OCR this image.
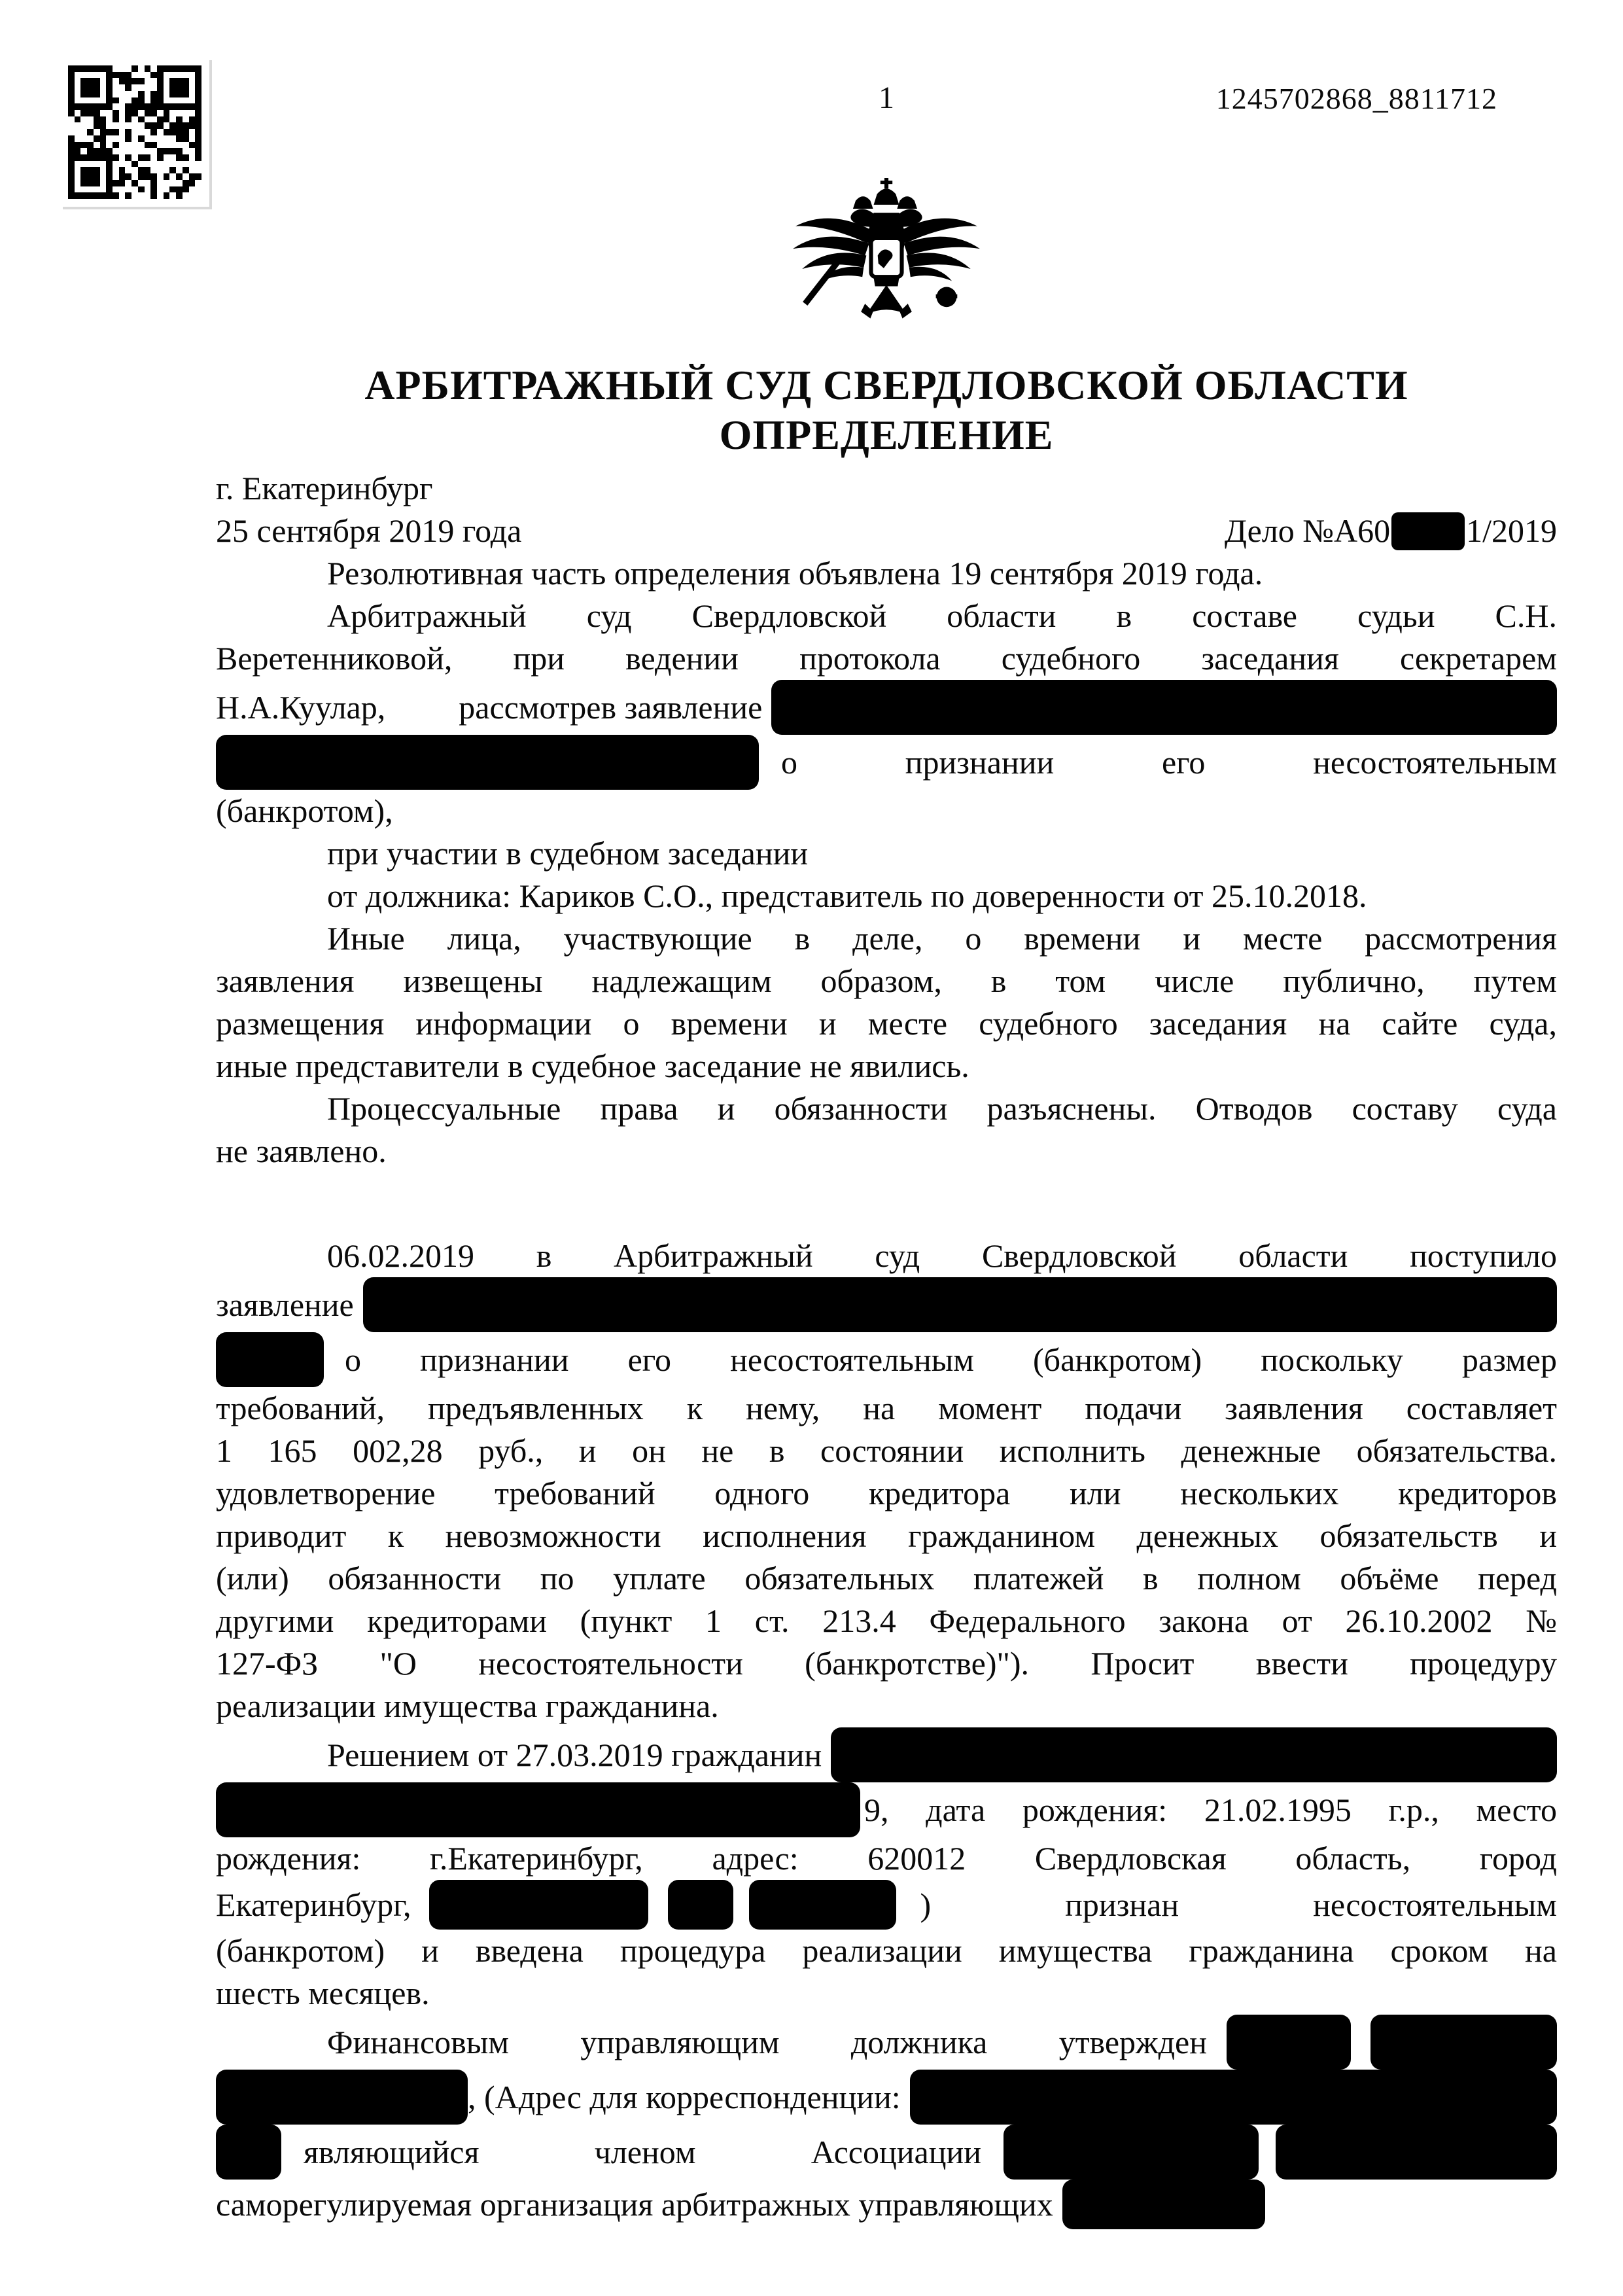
1	1245702868_8811712
АРБИТРАЖНЫЙ СУД СВЕРДЛОВСКОЙ ОБЛАСТИ
ОПРЕДЕЛЕНИЕ
г. Екатеринбург
25 сентября 2019 года	Дело №А60 1/2019
Резолютивная часть определения объявлена 19 сентября 2019 года.
Арбитражный суд Свердловской области в составе судьи С.Н.
Веретенниковой, при ведении протокола судебного заседания секретарем
Н.А.Куулар, рассмотрев заявление
о признании его несостоятельным
(банкротом),
при участии в судебном заседании
от должника: Кариков С.О., представитель по доверенности от 25.10.2018.
Иные лица, участвующие в деле, о времени и месте рассмотрения
заявления извещены надлежащим образом, в том числе публично, путем
размещения информации о времени и месте судебного заседания на сайте суда,
иные представители в судебное заседание не явились.
Процессуальные права и обязанности разъяснены. Отводов составу суда
не заявлено.
06.02.2019 в Арбитражный суд Свердловской области поступило
заявление
о признании его несостоятельным (банкротом) поскольку размер
требований, предъявленных к нему, на момент подачи заявления составляет
1 165 002,28 руб., и он не в состоянии исполнить денежные обязательства.
удовлетворение требований одного кредитора или нескольких кредиторов
приводит к невозможности исполнения гражданином денежных обязательств и
(или) обязанности по уплате обязательных платежей в полном объёме перед
другими кредиторами (пункт 1 ст. 213.4 Федерального закона от 26.10.2002 №
127-ФЗ "О несостоятельности (банкротстве)"). Просит ввести процедуру
реализации имущества гражданина.
Решением от 27.03.2019 гражданин
9, дата рождения: 21.02.1995 г.р., место
рождения: г.Екатеринбург, адрес: 620012 Свердловская область, город
Екатеринбург,	) признан несостоятельным
(банкротом) и введена процедура реализации имущества гражданина сроком на
шесть месяцев.
Финансовым управляющим должника утвержден
, (Адрес для корреспонденции:
являющийся членом Ассоциации
саморегулируемая организация арбитражных управляющих
